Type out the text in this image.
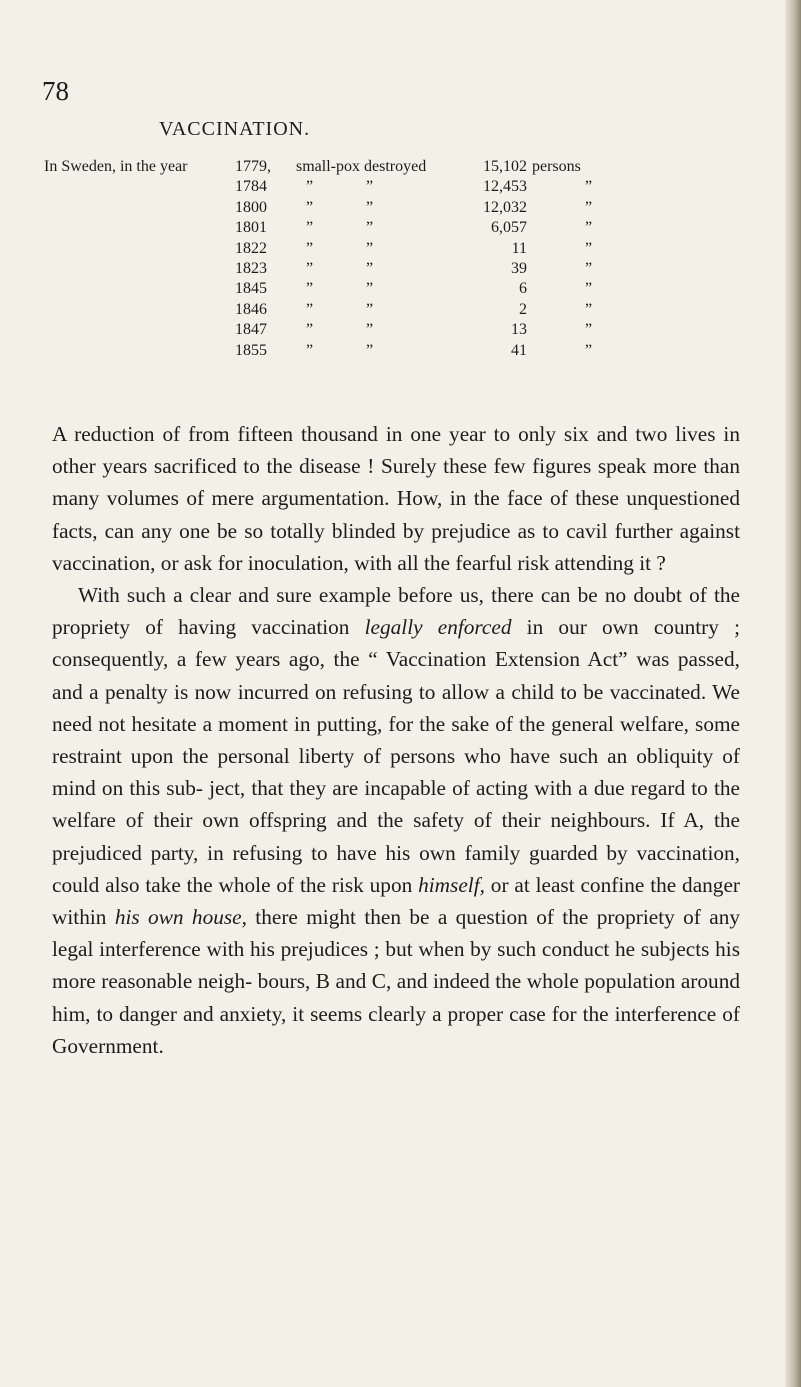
78
VACCINATION.
In Sweden, in the year	1779, small-pox destroyed	15,102 persons
1784 ”	”	12,453	”
1800 ”	”	12,032	”
1801 ”	”	6,057	”
1822 ”	”	11	”
1823 ”	”	39	”
1845 ”	”	6	”
1846 ”	”	2	”
1847 ”	”	13	”
1855 ”	”	41	”

A reduction of from fifteen thousand in one year to only six and two lives in other years sacrificed to the disease ! Surely these few figures speak more than many volumes of mere argumentation. How, in the face of these unquestioned facts, can any one be so totally blinded by prejudice as to cavil further against vaccination, or ask for inoculation, with all the fearful risk attending it ?

With such a clear and sure example before us, there can be no doubt of the propriety of having vaccination legally enforced in our own country ; consequently, a few years ago, the “ Vaccination Extension Act” was passed, and a penalty is now incurred on refusing to allow a child to be vaccinated. We need not hesitate a moment in putting, for the sake of the general welfare, some restraint upon the personal liberty of persons who have such an obliquity of mind on this sub- ject, that they are incapable of acting with a due regard to the welfare of their own offspring and the safety of their neighbours. If A, the prejudiced party, in refusing to have his own family guarded by vaccination, could also take the whole of the risk upon himself, or at least confine the danger within his own house, there might then be a question of the propriety of any legal interference with his prejudices ; but when by such conduct he subjects his more reasonable neigh- bours, B and C, and indeed the whole population around him, to danger and anxiety, it seems clearly a proper case for the interference of Government.
